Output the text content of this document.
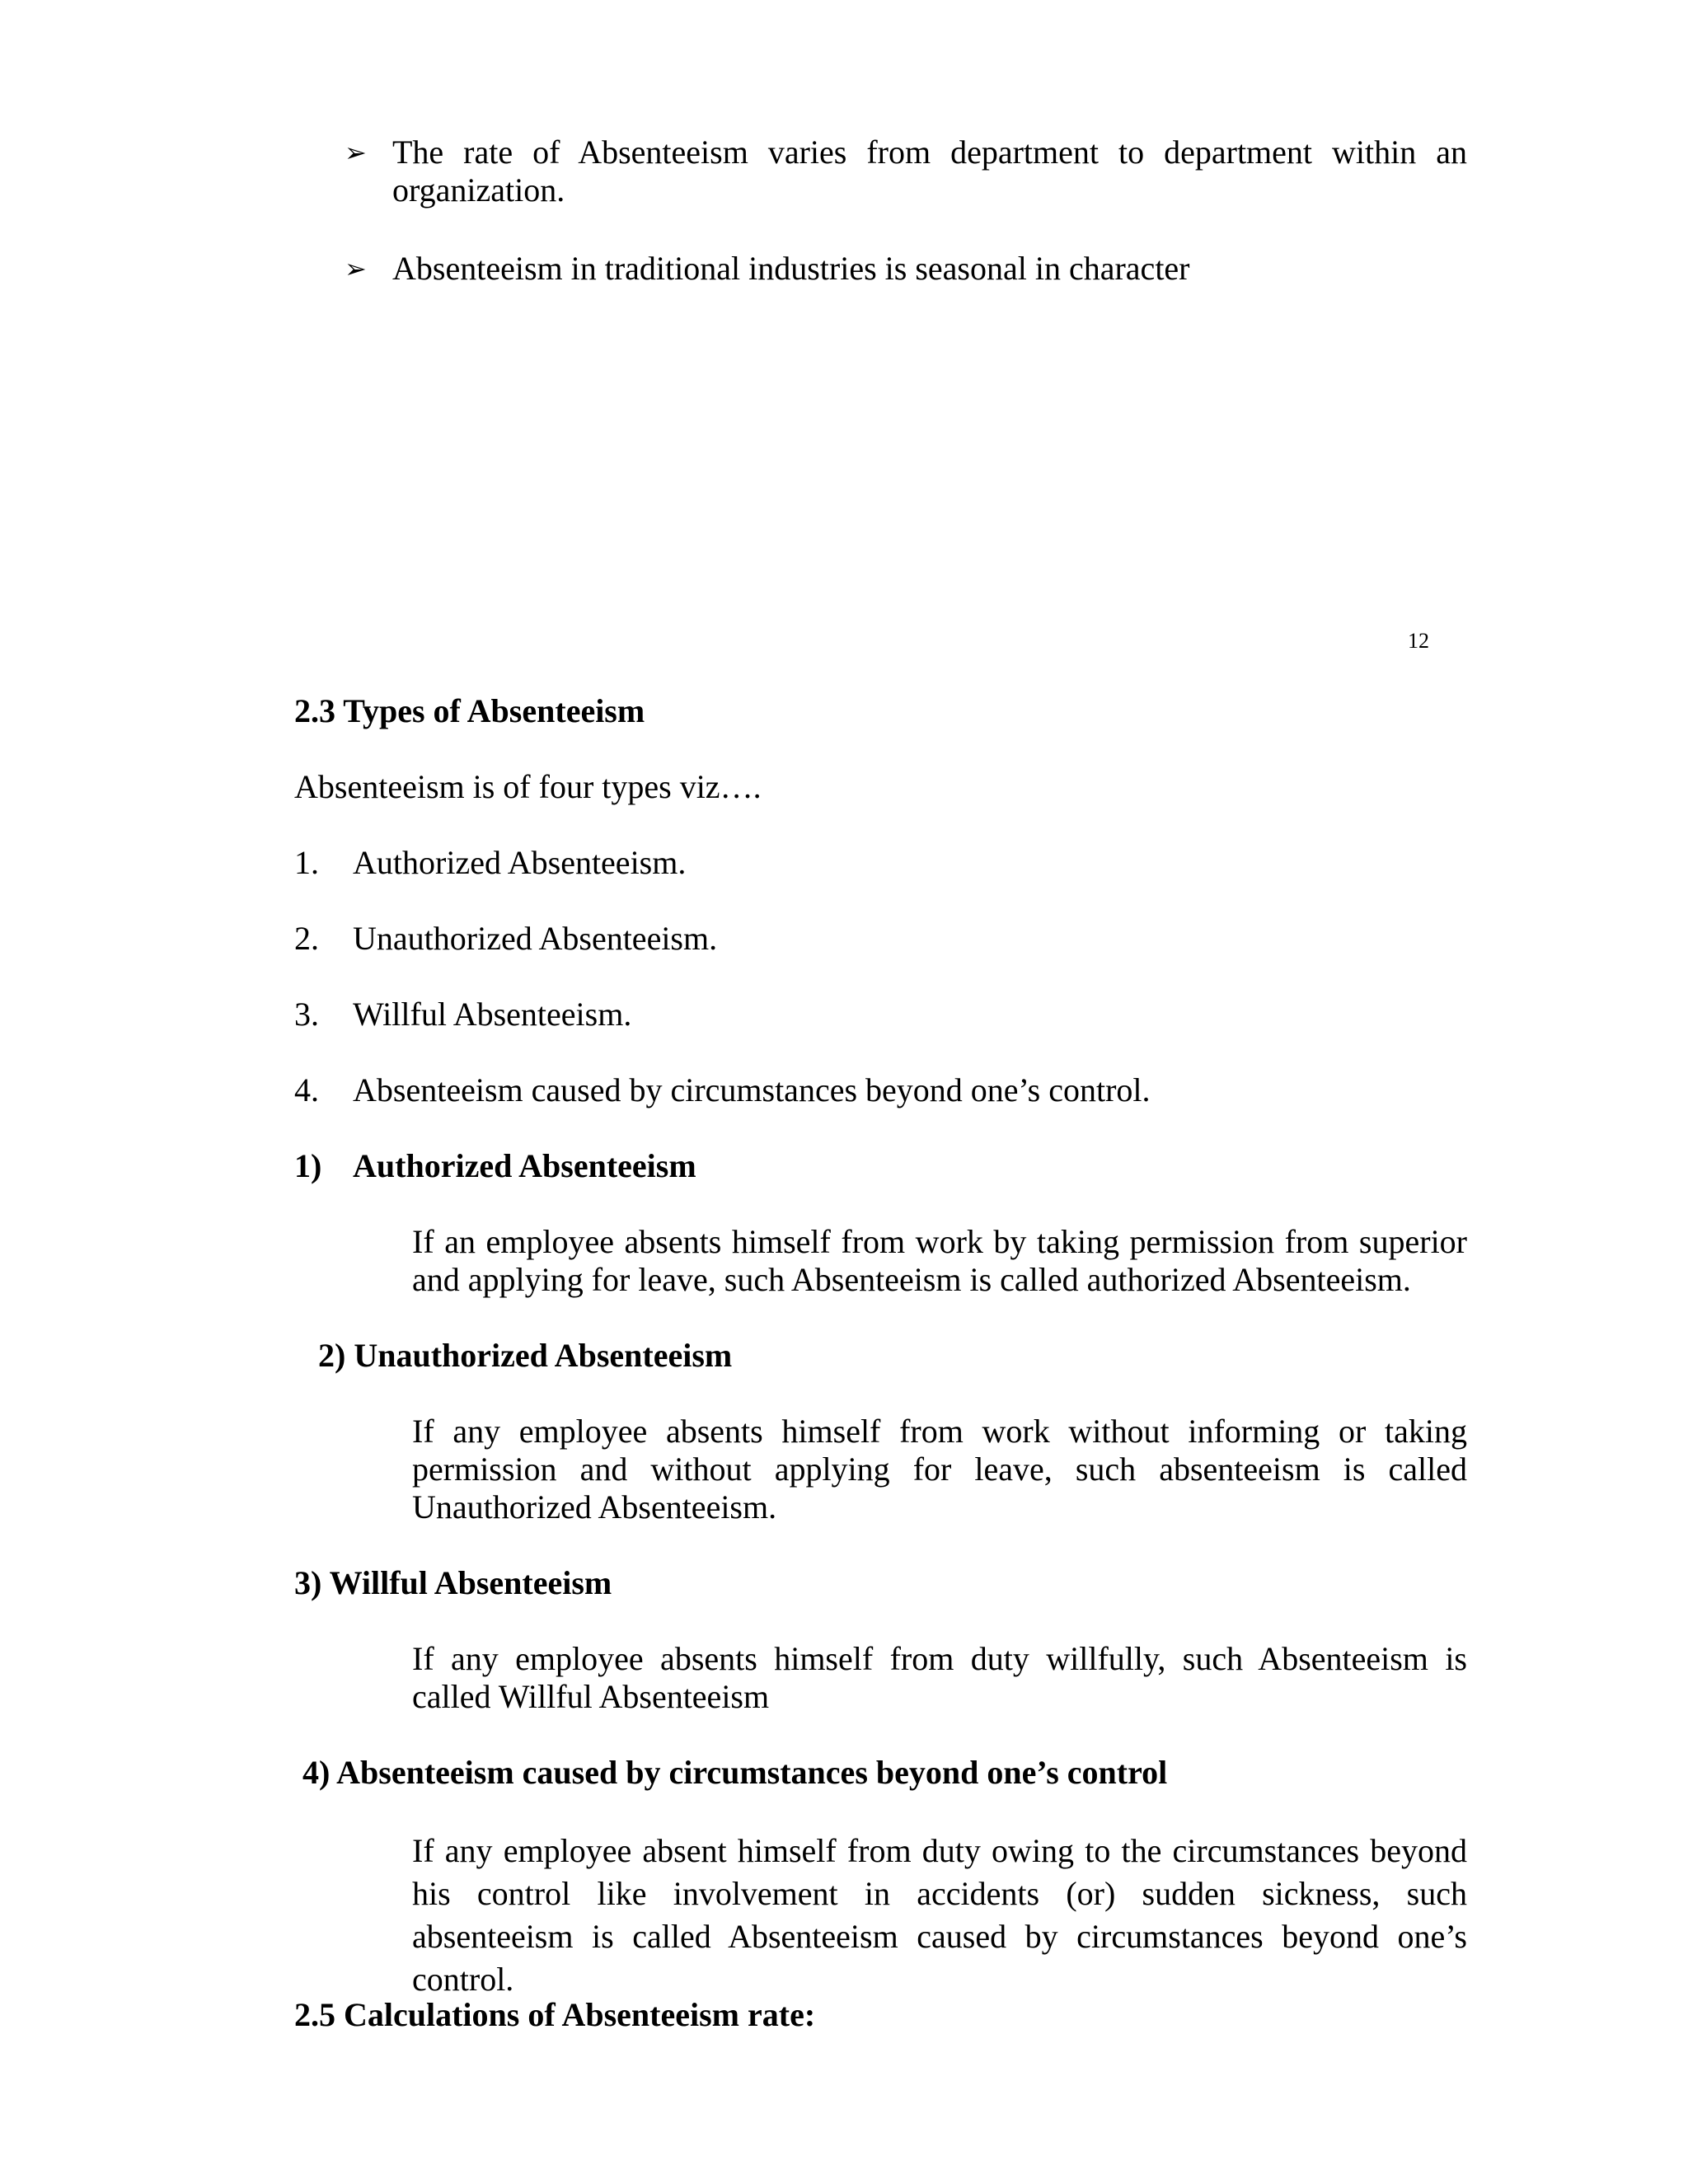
➢ The rate of Absenteeism varies from department to department within an organization.

➢ Absenteeism in traditional industries is seasonal in character

12

2.3 Types of Absenteeism

Absenteeism is of four types viz….

1. Authorized Absenteeism.
2. Unauthorized Absenteeism.
3. Willful Absenteeism.
4. Absenteeism caused by circumstances beyond one’s control.
1) Authorized Absenteeism

If an employee absents himself from work by taking permission from superior and applying for leave, such Absenteeism is called authorized Absenteeism.

2) Unauthorized Absenteeism

If any employee absents himself from work without informing or taking permission and without applying for leave, such absenteeism is called Unauthorized Absenteeism.

3) Willful Absenteeism

If any employee absents himself from duty willfully, such Absenteeism is called Willful Absenteeism

4) Absenteeism caused by circumstances beyond one’s control

If any employee absent himself from duty owing to the circumstances beyond his control like involvement in accidents (or) sudden sickness, such absenteeism is called Absenteeism caused by circumstances beyond one’s control.

2.5 Calculations of Absenteeism rate:
